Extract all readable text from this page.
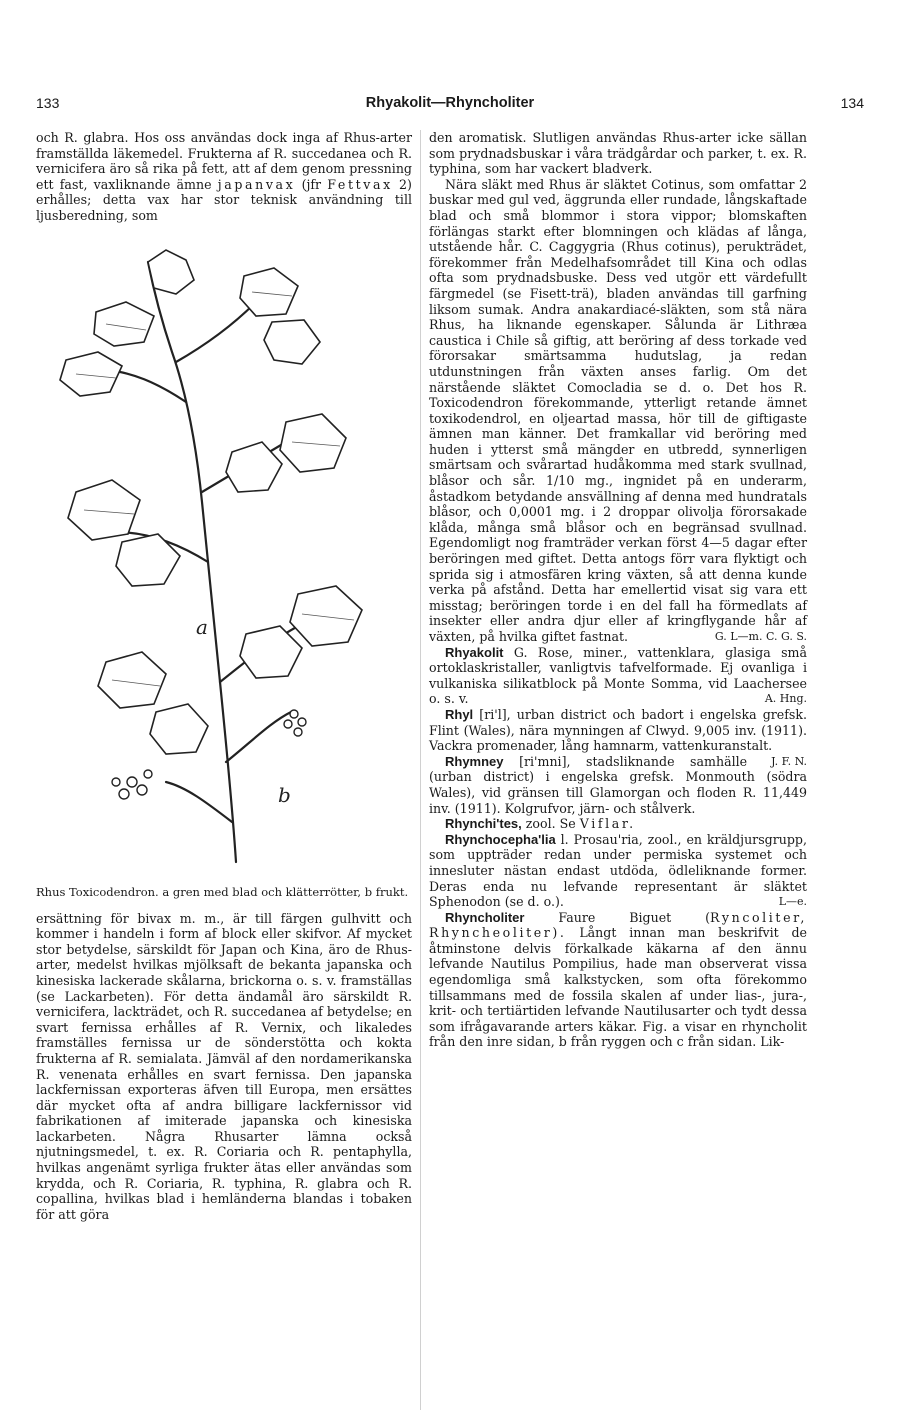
133	Rhyakolit—Rhyncholiter	134

och R. glabra. Hos oss användas dock inga af Rhus-arter framställda läkemedel. Frukterna af R. succedanea och R. vernicifera äro så rika på fett, att af dem genom pressning ett fast, vaxliknande ämne japanvax (jfr Fettvax 2) erhålles; detta vax har stor teknisk användning till ljusberedning, som

a
b

Rhus Toxicodendron. a gren med blad och klätterrötter, b frukt.

ersättning för bivax m. m., är till färgen gulhvitt och kommer i handeln i form af block eller skifvor. Af mycket stor betydelse, särskildt för Japan och Kina, äro de Rhus-arter, medelst hvilkas mjölksaft de bekanta japanska och kinesiska lackerade skålarna, brickorna o. s. v. framställas (se Lackarbeten). För detta ändamål äro särskildt R. vernicifera, lackträdet, och R. succedanea af betydelse; en svart fernissa erhålles af R. Vernix, och likaledes framställes fernissa ur de sönderstötta och kokta frukterna af R. semialata. Jämväl af den nordamerikanska R. venenata erhålles en svart fernissa. Den japanska lackfernissan exporteras äfven till Europa, men ersättes där mycket ofta af andra billigare lackfernissor vid fabrikationen af imiterade japanska och kinesiska lackarbeten. Några Rhusarter lämna också njutningsmedel, t. ex. R. Coriaria och R. pentaphylla, hvilkas angenämt syrliga frukter ätas eller användas som krydda, och R. Coriaria, R. typhina, R. glabra och R. copallina, hvilkas blad i hemländerna blandas i tobaken för att göra

den aromatisk. Slutligen användas Rhus-arter icke sällan som prydnadsbuskar i våra trädgårdar och parker, t. ex. R. typhina, som har vackert bladverk.

Nära släkt med Rhus är släktet Cotinus, som omfattar 2 buskar med gul ved, äggrunda eller rundade, långskaftade blad och små blommor i stora vippor; blomskaften förlängas starkt efter blomningen och klädas af långa, utstående hår. C. Caggygria (Rhus cotinus), perukträdet, förekommer från Medelhafsområdet till Kina och odlas ofta som prydnadsbuske. Dess ved utgör ett värdefullt färgmedel (se Fisett-trä), bladen användas till garfning liksom sumak. Andra anakardiacé-släkten, som stå nära Rhus, ha liknande egenskaper. Sålunda är Lithræa caustica i Chile så giftig, att beröring af dess torkade ved förorsakar smärtsamma hudutslag, ja redan utdunstningen från växten anses farlig. Om det närstående släktet Comocladia se d. o. Det hos R. Toxicodendron förekommande, ytterligt retande ämnet toxikodendrol, en oljeartad massa, hör till de giftigaste ämnen man känner. Det framkallar vid beröring med huden i ytterst små mängder en utbredd, synnerligen smärtsam och svårartad hudåkomma med stark svullnad, blåsor och sår. 1/10 mg., ingnidet på en underarm, åstadkom betydande ansvällning af denna med hundratals blåsor, och 0,0001 mg. i 2 droppar olivolja förorsakade klåda, många små blåsor och en begränsad svullnad. Egendomligt nog framträder verkan först 4—5 dagar efter beröringen med giftet. Detta antogs förr vara flyktigt och sprida sig i atmosfären kring växten, så att denna kunde verka på afstånd. Detta har emellertid visat sig vara ett misstag; beröringen torde i en del fall ha förmedlats af insekter eller andra djur eller af kringflygande hår af växten, på hvilka giftet fastnat.	G. L—m. C. G. S.

Rhyakolit G. Rose, miner., vattenklara, glasiga små ortoklaskristaller, vanligtvis tafvelformade. Ej ovanliga i vulkaniska silikatblock på Monte Somma, vid Laachersee o. s. v.	A. Hng.

Rhyl [ri'l], urban district och badort i engelska grefsk. Flint (Wales), nära mynningen af Clwyd. 9,005 inv. (1911). Vackra promenader, lång hamnarm, vattenkuranstalt.
J. F. N.

Rhymney [ri'mni], stadsliknande samhälle (urban district) i engelska grefsk. Monmouth (södra Wales), vid gränsen till Glamorgan och floden R. 11,449 inv. (1911). Kolgrufvor, järn- och stålverk.

Rhynchi'tes, zool. Se Viflar.

Rhynchocepha'lia l. Prosau'ria, zool., en kräldjursgrupp, som uppträder redan under permiska systemet och innesluter nästan endast utdöda, ödleliknande former. Deras enda nu lefvande representant är släktet Sphenodon (se d. o.).	L—e.

Rhyncholiter	Faure Biguet (Ryncoliter, Rhyncheoliter). Långt innan man beskrifvit de åtminstone delvis förkalkade käkarna af den ännu lefvande Nautilus Pompilius, hade man observerat vissa egendomliga små kalkstycken, som ofta förekommo tillsammans med de fossila skalen af under lias-, jura-, krit- och tertiärtiden lefvande Nautilusarter och tydt dessa som ifrågavarande arters käkar. Fig. a visar en rhyncholit från den inre sidan, b från ryggen och c från sidan. Lik-
